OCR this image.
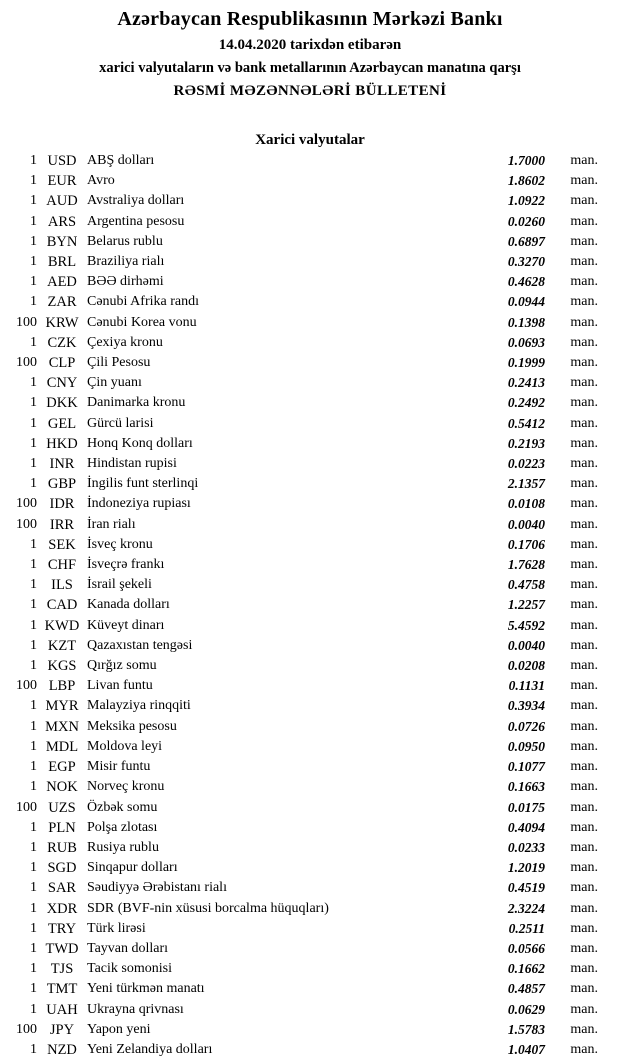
Azərbaycan Respublikasının Mərkəzi Bankı
14.04.2020 tarixdən etibarən
xarici valyutaların və bank metallarının Azərbaycan manatına qarşı
RƏSMİ MƏZƏNNƏLƏRİ BÜLLETENİ
Xarici valyutalar
1 USD ABŞ dolları	1.7000	man.
1 EUR Avro	1.8602	man.
1 AUD Avstraliya dolları	1.0922	man.
1 ARS Argentina pesosu	0.0260	man.
1 BYN Belarus rublu	0.6897	man.
1 BRL Braziliya rialı	0.3270	man.
1 AED BƏƏ dirhəmi	0.4628	man.
1 ZAR Cənubi Afrika randı	0.0944	man.
100 KRW Cənubi Korea vonu	0.1398	man.
1 CZK Çexiya kronu	0.0693	man.
100 CLP Çili Pesosu	0.1999	man.
1 CNY Çin yuanı	0.2413	man.
1 DKK Danimarka kronu	0.2492	man.
1 GEL Gürcü larisi	0.5412	man.
1 HKD Honq Konq dolları	0.2193	man.
1 INR Hindistan rupisi	0.0223	man.
1 GBP İngilis funt sterlinqi	2.1357	man.
100 IDR İndoneziya rupiası	0.0108	man.
100 IRR İran rialı	0.0040	man.
1 SEK İsveç kronu	0.1706	man.
1 CHF İsveçrə frankı	1.7628	man.
1 ILS	İsrail şekeli	0.4758	man.
1 CAD Kanada dolları	1.2257	man.
1 KWD Küveyt dinarı	5.4592	man.
1 KZT Qazaxıstan tengəsi	0.0040	man.
1 KGS Qırğız somu	0.0208	man.
100 LBP Livan funtu	0.1131	man.
1 MYR Malayziya rinqqiti	0.3934	man.
1 MXN Meksika pesosu	0.0726	man.
1 MDL Moldova leyi	0.0950	man.
1 EGP Misir funtu	0.1077	man.
1 NOK Norveç kronu	0.1663	man.
100 UZS Özbək somu	0.0175	man.
1 PLN Polşa zlotası	0.4094	man.
1 RUB Rusiya rublu	0.0233	man.
1 SGD Sinqapur dolları	1.2019	man.
1 SAR Səudiyyə Ərəbistanı rialı	0.4519	man.
1 XDR SDR (BVF-nin xüsusi borcalma hüquqları)	2.3224	man.
1 TRY Türk lirəsi	0.2511	man.
1 TWD Tayvan dolları	0.0566	man.
1 TJS Tacik somonisi	0.1662	man.
1 TMT Yeni türkmən manatı	0.4857	man.
1 UAH Ukrayna qrivnası	0.0629	man.
100 JPY Yapon yeni	1.5783	man.
1 NZD Yeni Zelandiya dolları	1.0407	man.
